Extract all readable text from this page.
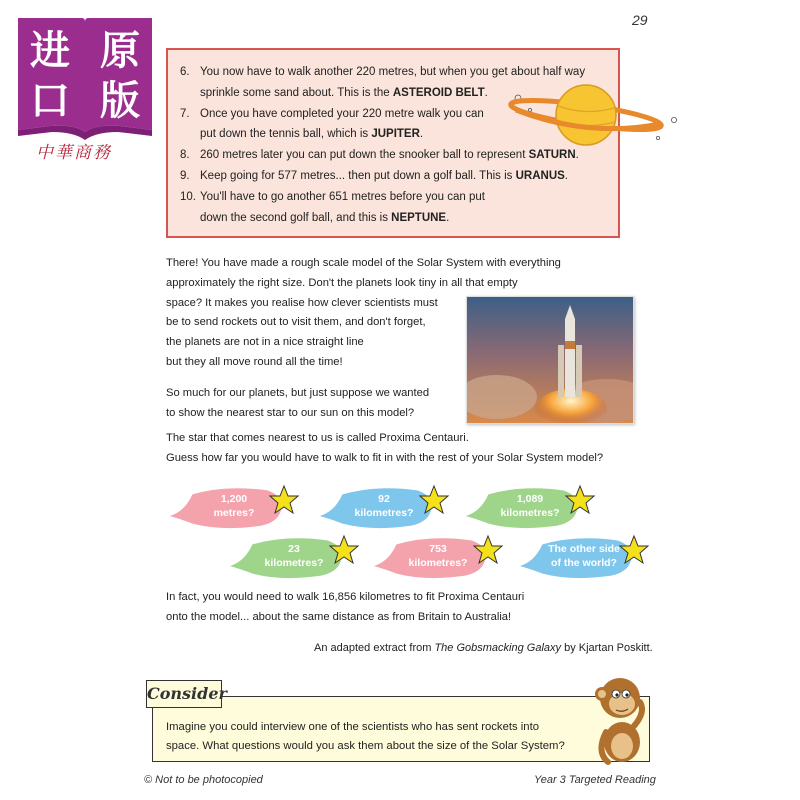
29
进 原
口 版
中華商務
6. You now have to walk another 220 metres, but when you get about half way
sprinkle some sand about. This is the ASTEROID BELT.
7. Once you have completed your 220 metre walk you can
put down the tennis ball, which is JUPITER.
8. 260 metres later you can put down the snooker ball to represent SATURN.
9. Keep going for 577 metres... then put down a golf ball. This is URANUS.
10. You'll have to go another 651 metres before you can put
down the second golf ball, and this is NEPTUNE.

There! You have made a rough scale model of the Solar System with everything
approximately the right size. Don't the planets look tiny in all that empty
space? It makes you realise how clever scientists must
be to send rockets out to visit them, and don't forget,
the planets are not in a nice straight line
but they all move round all the time!

So much for our planets, but just suppose we wanted
to show the nearest star to our sun on this model?

The star that comes nearest to us is called Proxima Centauri.
Guess how far you would have to walk to fit in with the rest of your Solar System model?

1,200
metres?
92
kilometres?
1,089
kilometres?
23
kilometres?
753
kilometres?
The other side
of the world?

In fact, you would need to walk 16,856 kilometres to fit Proxima Centauri
onto the model... about the same distance as from Britain to Australia!

An adapted extract from The Gobsmacking Galaxy by Kjartan Poskitt.
Consider

Imagine you could interview one of the scientists who has sent rockets into
space. What questions would you ask them about the size of the Solar System?

© Not to be photocopied	Year 3 Targeted Reading
